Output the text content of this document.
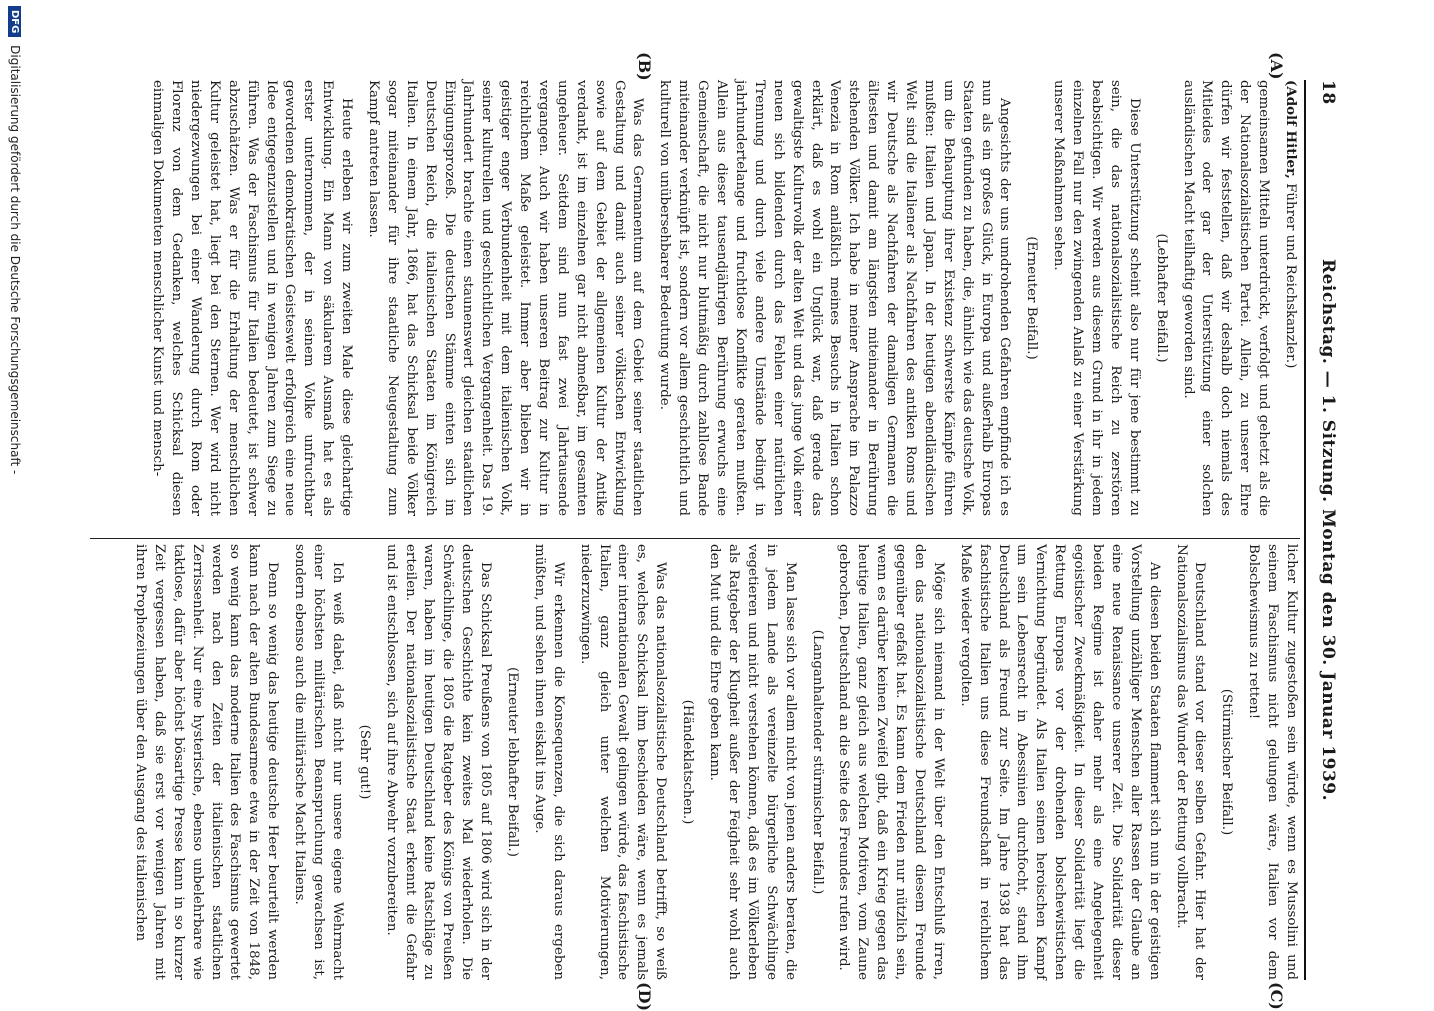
18
Reichstag. — 1. Sitzung. Montag den 30. Januar 1939.
(A)
(B)
(C)
(D)

(Adolf Hitler, Führer und Reichskanzler.)

gemeinsamen Mitteln unterdrückt, verfolgt und gehetzt als die der Nationalsozialistischen Partei. Allein, zu unserer Ehre dürfen wir feststellen, daß wir deshalb doch niemals des Mitleides oder gar der Unterstützung einer solchen ausländischen Macht teilhaftig geworden sind.

(Lebhafter Beifall.)

Diese Unterstützung scheint also nur für jene bestimmt zu sein, die das nationalsozialistische Reich zu zerstören beabsichtigen. Wir werden aus diesem Grund in ihr in jedem einzelnen Fall nur den zwingenden Anlaß zu einer Verstärkung unserer Maßnahmen sehen.

(Erneuter Beifall.)

Angesichts der uns umdrohenden Gefahren empfinde ich es nun als ein großes Glück, in Europa und außerhalb Europas Staaten gefunden zu haben, die, ähnlich wie das deutsche Volk, um die Behauptung ihrer Existenz schwerste Kämpfe führen mußten: Italien und Japan. In der heutigen abendländischen Welt sind die Italiener als Nachfahren des antiken Roms und wir Deutsche als Nachfahren der damaligen Germanen die ältesten und damit am längsten miteinander in Berührung stehenden Völker. Ich habe in meiner Ansprache im Palazzo Venezia in Rom anläßlich meines Besuchs in Italien schon erklärt, daß es wohl ein Unglück war, daß gerade das gewaltigste Kulturvolk der alten Welt und das junge Volk einer neuen sich bildenden durch das Fehlen einer natürlichen Trennung und durch viele andere Umstände bedingt in jahrhundertelange und fruchtlose Konflikte geraten mußten. Allein aus dieser tausendjährigen Berührung erwuchs eine Gemeinschaft, die nicht nur blutmäßig durch zahllose Bande miteinander verknüpft ist, sondern vor allem geschichtlich und kulturell von unübersehbarer Bedeutung wurde.

Was das Germanentum auf dem Gebiet seiner staatlichen Gestaltung und damit auch seiner völkischen Entwicklung sowie auf dem Gebiet der allgemeinen Kultur der Antike verdankt, ist im einzelnen gar nicht abmeßbar, im gesamten ungeheuer. Seitdem sind nun fast zwei Jahrtausende vergangen. Auch wir haben unseren Beitrag zur Kultur in reichlichem Maße geleistet. Immer aber blieben wir in geistiger enger Verbundenheit mit dem italienischen Volk, seiner kulturellen und geschichtlichen Vergangenheit. Das 19. Jahrhundert brachte einen staunenswert gleichen staatlichen Einigungsprozeß. Die deutschen Stämme einten sich im Deutschen Reich, die italienischen Staaten im Königreich Italien. In einem Jahr, 1866, hat das Schicksal beide Völker sogar miteinander für ihre staatliche Neugestaltung zum Kampf antreten lassen.

Heute erleben wir zum zweiten Male diese gleichartige Entwicklung. Ein Mann von säkularem Ausmaß hat es als erster unternommen, der in seinem Volke unfruchtbar gewordenen demokratischen Geisteswelt erfolgreich eine neue Idee entgegenzustellen und in wenigen Jahren zum Siege zu führen. Was der Faschismus für Italien bedeutet, ist schwer abzuschätzen. Was er für die Erhaltung der menschlichen Kultur geleistet hat, liegt bei den Sternen. Wer wird nicht niedergezwungen bei einer Wanderung durch Rom oder Florenz von dem Gedanken, welches Schicksal diesen einmaligen Dokumenten menschlicher Kunst und mensch-

licher Kultur zugestoßen sein würde, wenn es Mussolini und seinem Faschismus nicht gelungen wäre, Italien vor dem Bolschewismus zu retten!

(Stürmischer Beifall.)

Deutschland stand vor dieser selben Gefahr. Hier hat der Nationalsozialismus das Wunder der Rettung vollbracht.

An diesen beiden Staaten flammert sich nun in der geistigen Vorstellung unzähliger Menschen aller Rassen der Glaube an eine neue Renaissance unserer Zeit. Die Solidarität dieser beiden Regime ist daher mehr als eine Angelegenheit egoistischer Zweckmäßigkeit. In dieser Solidarität liegt die Rettung Europas vor der drohenden bolschewistischen Vernichtung begründet. Als Italien seinen heroischen Kampf um sein Lebensrecht in Abessinien durchfocht, stand ihm Deutschland als Freund zur Seite. Im Jahre 1938 hat das faschistische Italien uns diese Freundschaft in reichlichem Maße wieder vergolten.

Möge sich niemand in der Welt über den Entschluß irren, den das nationalsozialistische Deutschland diesem Freunde gegenüber gefaßt hat. Es kann dem Frieden nur nützlich sein, wenn es darüber keinen Zweifel gibt, daß ein Krieg gegen das heutige Italien, ganz gleich aus welchen Motiven, vom Zaune gebrochen, Deutschland an die Seite des Freundes rufen wird.

(Langanhaltender stürmischer Beifall.)

Man lasse sich vor allem nicht von jenen anders beraten, die in jedem Lande als vereinzelte bürgerliche Schwächlinge vegetieren und nicht verstehen können, daß es im Völkerleben als Ratgeber der Klugheit außer der Feigheit sehr wohl auch den Mut und die Ehre geben kann.

(Händeklatschen.)

Was das nationalsozialistische Deutschland betrifft, so weiß es, welches Schicksal ihm beschieden wäre, wenn es jemals einer internationalen Gewalt gelingen würde, das faschistische Italien, ganz gleich unter welchen Motivierungen, niederzuzwingen.

Wir erkennen die Konsequenzen, die sich daraus ergeben müßten, und sehen ihnen eiskalt ins Auge.

(Erneuter lebhafter Beifall.)

Das Schicksal Preußens von 1805 auf 1806 wird sich in der deutschen Geschichte kein zweites Mal wiederholen. Die Schwächlinge, die 1805 die Ratgeber des Königs von Preußen waren, haben im heutigen Deutschland keine Ratschläge zu erteilen. Der nationalsozialistische Staat erkennt die Gefahr und ist entschlossen, sich auf ihre Abwehr vorzubereiten.

(Sehr gut!)

Ich weiß dabei, daß nicht nur unsere eigene Wehrmacht einer höchsten militärischen Beanspruchung gewachsen ist, sondern ebenso auch die militärische Macht Italiens.

Denn so wenig das heutige deutsche Heer beurteilt werden kann nach der alten Bundesarmee etwa in der Zeit von 1848, so wenig kann das moderne Italien des Faschismus gewertet werden nach den Zeiten der italienischen staatlichen Zerrissenheit. Nur eine hysterische, ebenso unbelehrbare wie taktlose, dafür aber höchst bösartige Presse kann in so kurzer Zeit vergessen haben, daß sie erst vor wenigen Jahren mit ihren Prophezeiungen über den Ausgang des italienischen

DFG Digitalisierung gefördert durch die Deutsche Forschungsgemeinschaft -
